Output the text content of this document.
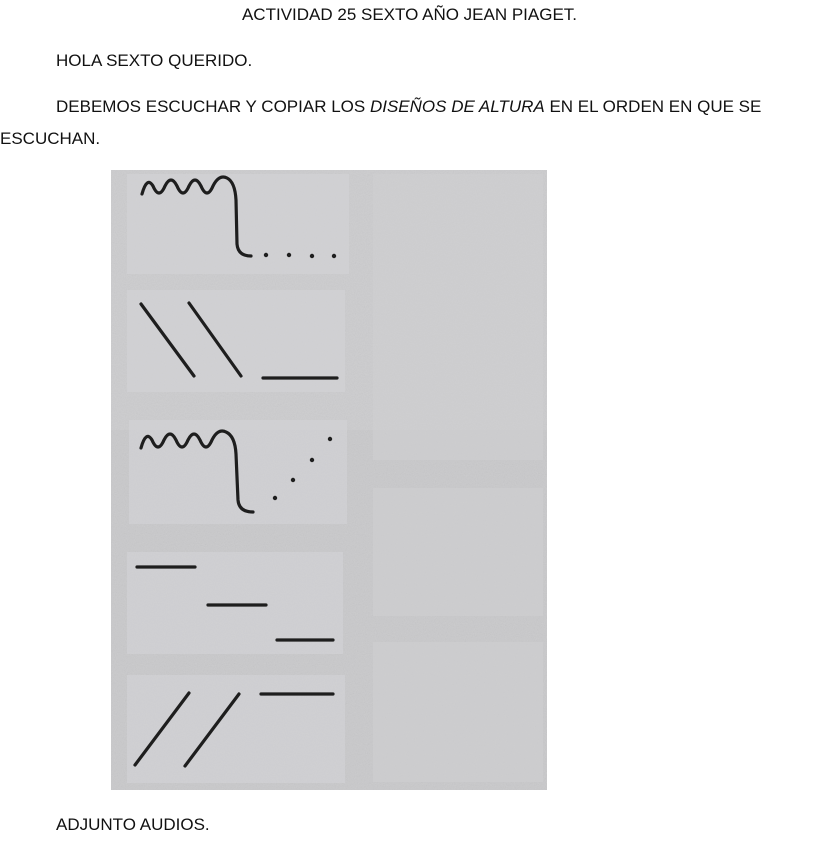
ACTIVIDAD 25 SEXTO AÑO JEAN PIAGET.
HOLA SEXTO QUERIDO.
DEBEMOS ESCUCHAR Y COPIAR LOS DISEÑOS DE ALTURA EN EL ORDEN EN QUE SE
ESCUCHAN.
ADJUNTO AUDIOS.
